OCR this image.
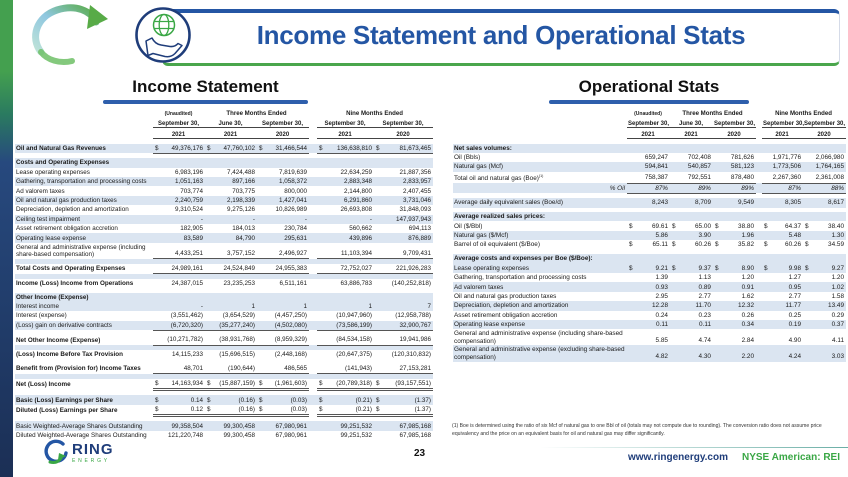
Income Statement and Operational Stats
Income Statement	Operational Stats
	(Unaudited)	Three Months Ended			Nine Months Ended	
	September 30,	June 30,	September 30,		September 30,	September 30,
	2021	2021	2020		2021	2020
Oil and Natural Gas Revenues	$ 49,376,176	$ 47,760,102	$ 31,466,544		$ 136,638,810	$ 81,673,465

Costs and Operating Expenses						
Lease operating expenses	6,983,196	7,424,488	7,819,639		22,634,259	21,887,356
Gathering, transportation and processing costs	1,051,163	897,166	1,058,372		2,883,348	2,833,957
Ad valorem taxes	703,774	703,775	800,000		2,144,800	2,407,455
Oil and natural gas production taxes	2,240,759	2,198,339	1,427,041		6,291,860	3,731,046
Depreciation, depletion and amortization	9,310,524	9,275,126	10,826,989		26,693,808	31,848,093
Ceiling test impairment	-	-	-		-	147,937,943
Asset retirement obligation accretion	182,905	184,013	230,784		560,662	694,113
Operating lease expense	83,589	84,790	295,631		439,896	876,889
General and administrative expense (including share-based compensation)	4,433,251	3,757,152	2,496,927		11,103,394	9,709,431

Total Costs and Operating Expenses	24,989,161	24,524,849	24,955,383		72,752,027	221,926,283

Income (Loss) Income from Operations	24,387,015	23,235,253	6,511,161		63,886,783	(140,252,818)

Other Income (Expense)						
Interest income	-	1	1		1	7
Interest (expense)	(3,551,462)	(3,654,529)	(4,457,250)		(10,947,960)	(12,958,788)
(Loss) gain on derivative contracts	(6,720,320)	(35,277,240)	(4,502,080)		(73,586,199)	32,900,767

Net Other Income (Expense)	(10,271,782)	(38,931,768)	(8,959,329)		(84,534,158)	19,941,986

(Loss) Income Before Tax Provision	14,115,233	(15,696,515)	(2,448,168)		(20,647,375)	(120,310,832)

Benefit from (Provision for) Income Taxes	48,701	(190,644)	486,565		(141,943)	27,153,281

Net (Loss) Income	$ 14,163,934	$ (15,887,159)	$ (1,961,603)		$ (20,789,318)	$ (93,157,551)

Basic (Loss) Earnings per Share	$ 0.14	$ (0.16)	$ (0.03)		$ (0.21)	$ (1.37)
Diluted (Loss) Earnings per Share	$ 0.12	$ (0.16)	$ (0.03)		$ (0.21)	$ (1.37)

Basic Weighted-Average Shares Outstanding	99,358,504	99,300,458	67,980,961		99,251,532	67,985,168
Diluted Weighted-Average Shares Outstanding	121,220,748	99,300,458	67,980,961		99,251,532	67,985,168
	(Unaudited)	Three Months Ended			Nine Months Ended	
	September 30,	June 30,	September 30,		September 30,	September 30,
	2021	2021	2020		2021	2020
Net sales volumes:						
Oil (Bbls)	659,247	702,408	781,626		1,971,776	2,066,980
Natural gas (Mcf)	594,841	540,857	581,123		1,773,506	1,764,165
Total oil and natural gas (Boe)$^{(1)}$	758,387	792,551	878,480		2,267,360	2,361,008
% Oil	87%	89%	89%		87%	88%

Average daily equivalent sales (Boe/d)	8,243	8,709	9,549		8,305	8,617

Average realized sales prices:						
Oil ($/Bbl)	$ 69.61	$ 65.00	$ 38.80		$ 64.37	$ 38.40
Natural gas ($/Mcf)	5.86	3.90	1.96		5.48	1.30
Barrel of oil equivalent ($/Boe)	$ 65.11	$ 60.26	$ 35.82		$ 60.26	$ 34.59

Average costs and expenses per Boe ($/Boe):						
Lease operating expenses	$ 9.21	$ 9.37	$ 8.90		$ 9.98	$ 9.27
Gathering, transportation and processing costs	1.39	1.13	1.20		1.27	1.20
Ad valorem taxes	0.93	0.89	0.91		0.95	1.02
Oil and natural gas production taxes	2.95	2.77	1.62		2.77	1.58
Depreciation, depletion and amortization	12.28	11.70	12.32		11.77	13.49
Asset retirement obligation accretion	0.24	0.23	0.26		0.25	0.29
Operating lease expense	0.11	0.11	0.34		0.19	0.37
General and administrative expense (including share-based compensation)	5.85	4.74	2.84		4.90	4.11
General and administrative expense (excluding share-based compensation)	4.82	4.30	2.20		4.24	3.03
(1) Boe is determined using the ratio of six Mcf of natural gas to one Bbl of oil (totals may not compute due to rounding). The conversion ratio does not assume price equivalency and the price on an equivalent basis for oil and natural gas may differ significantly.
RING
ENERGY
23	www.ringenergy.com NYSE American: REI
